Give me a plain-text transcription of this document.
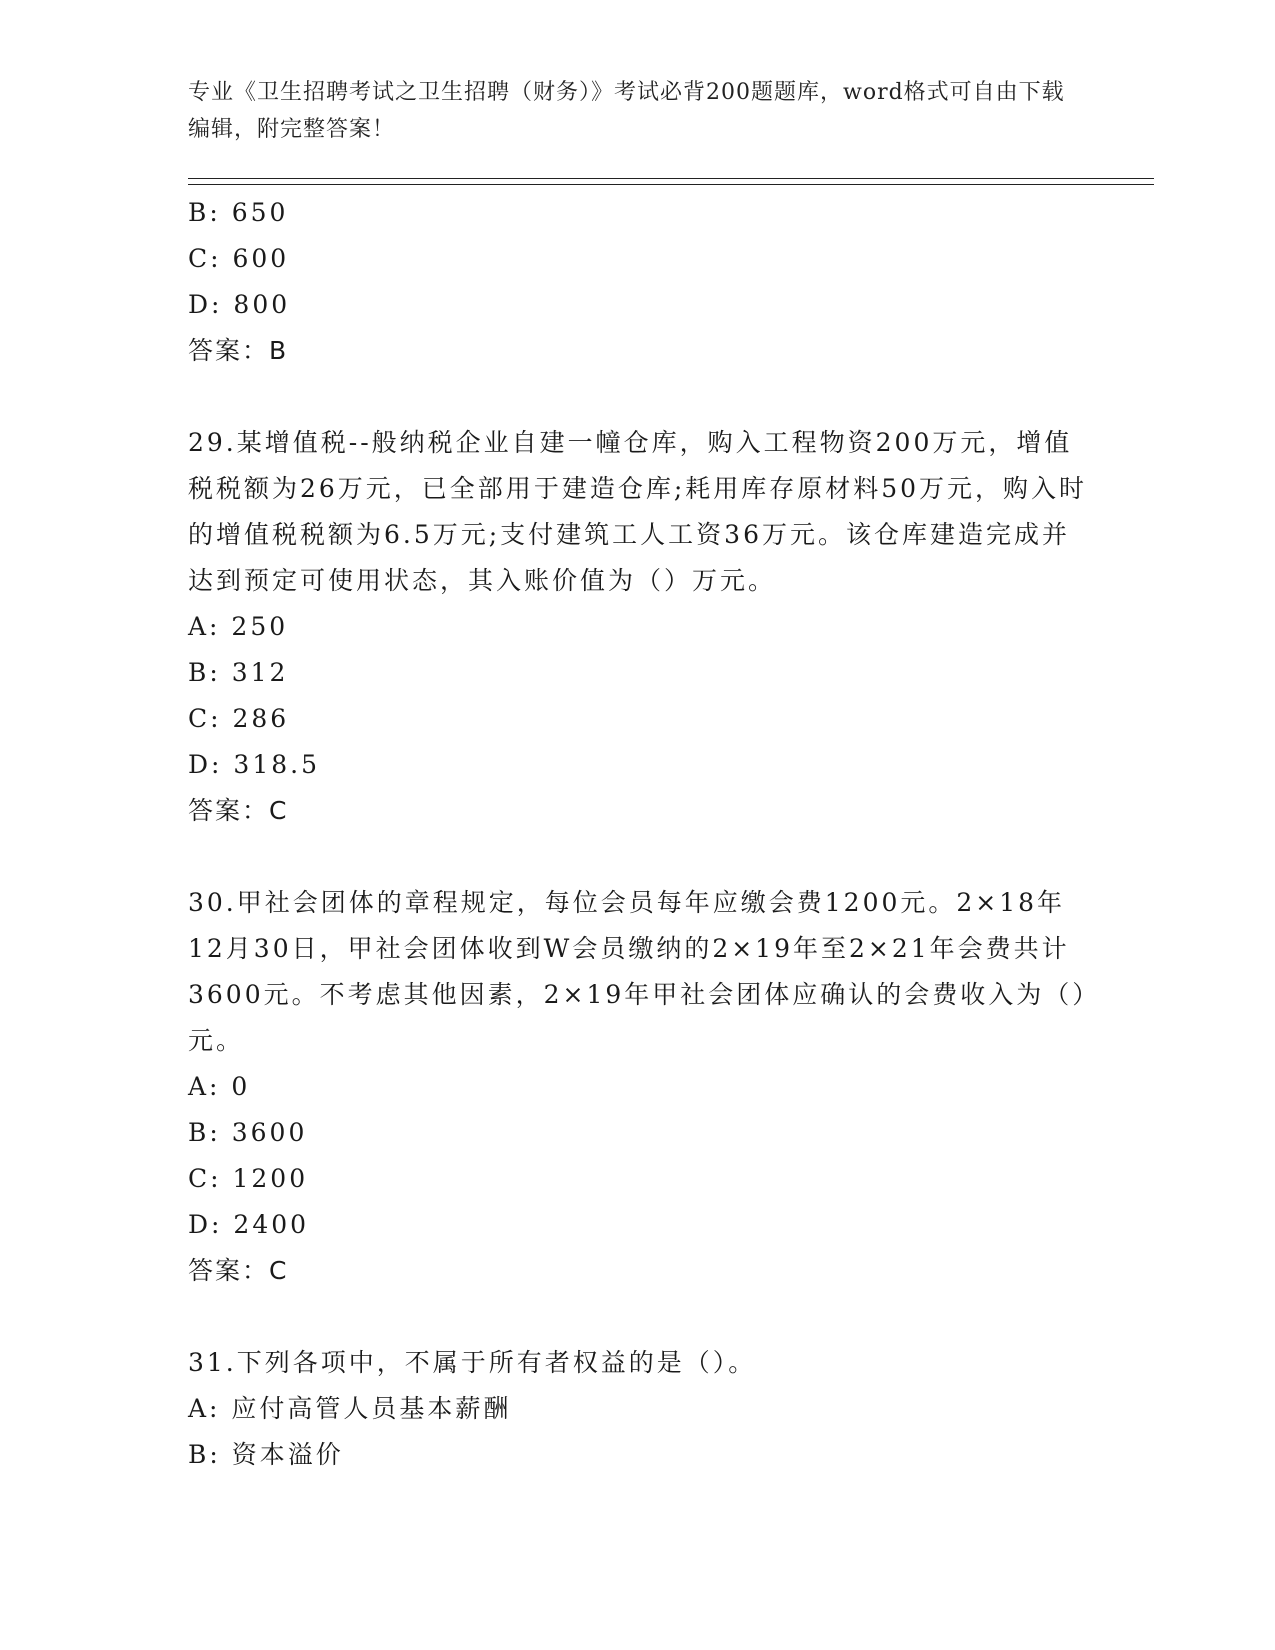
专业《卫生招聘考试之卫生招聘（财务）》考试必背200题题库，word格式可自由下载编辑，附完整答案！
B: 650
C: 600
D: 800
答案：B
29.某增值税--般纳税企业自建一幢仓库，购入工程物资200万元，增值税税额为26万元，已全部用于建造仓库;耗用库存原材料50万元，购入时的增值税税额为6.5万元;支付建筑工人工资36万元。该仓库建造完成并达到预定可使用状态，其入账价值为（）万元。
A: 250
B: 312
C: 286
D: 318.5
答案：C
30.甲社会团体的章程规定，每位会员每年应缴会费1200元。2×18年12月30日，甲社会团体收到W会员缴纳的2×19年至2×21年会费共计3600元。不考虑其他因素，2×19年甲社会团体应确认的会费收入为（）元。
A: 0
B: 3600
C: 1200
D: 2400
答案：C
31.下列各项中，不属于所有者权益的是（）。
A: 应付高管人员基本薪酬
B: 资本溢价
